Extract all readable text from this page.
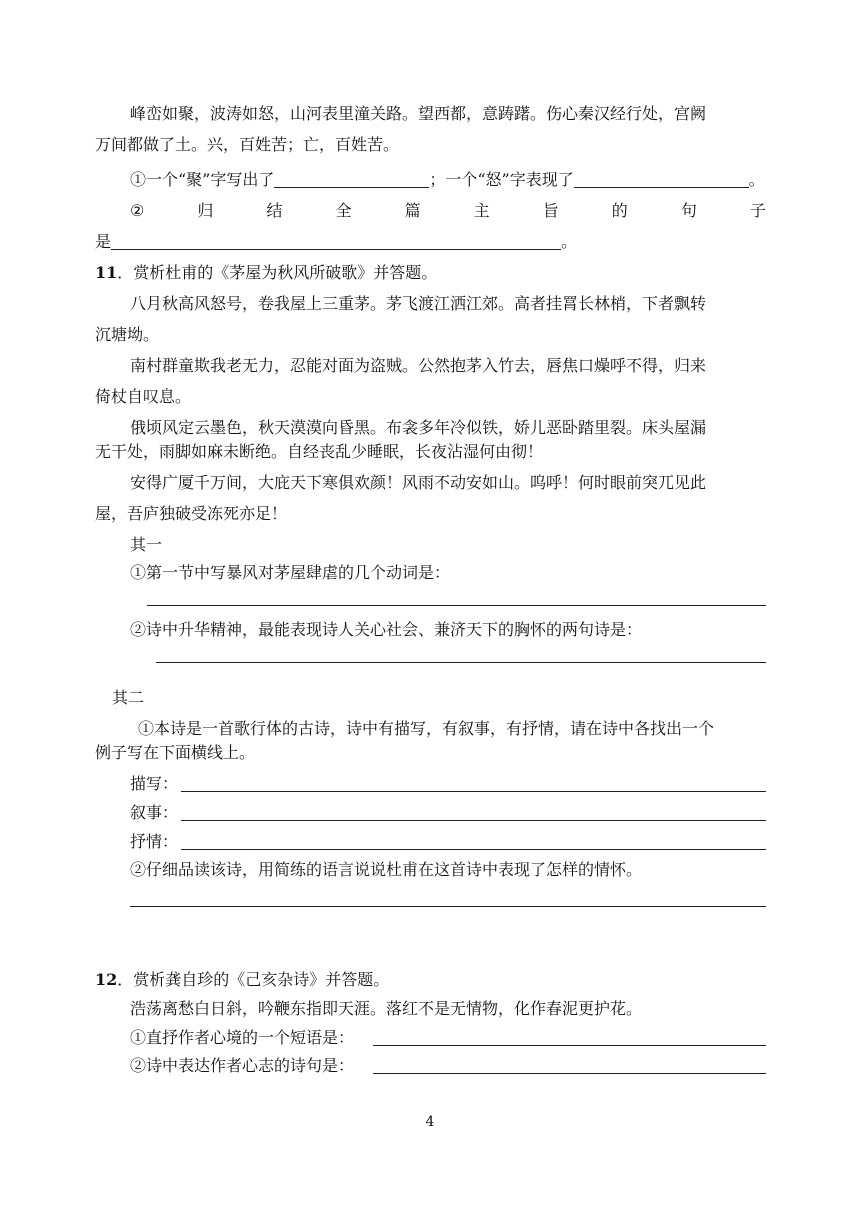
峰峦如聚，波涛如怒，山河表里潼关路。望西都，意踌躇。伤心秦汉经行处，宫阙
万间都做了土。兴，百姓苦；亡，百姓苦。
①一个“聚”字写出了	；一个“怒”字表现了	。
②	归	结	全	篇	主	旨	的	句	子
是	。
11．赏析杜甫的《茅屋为秋风所破歌》并答题。
八月秋高风怒号，卷我屋上三重茅。茅飞渡江洒江郊。高者挂罥长林梢，下者飘转
沉塘坳。
南村群童欺我老无力，忍能对面为盗贼。公然抱茅入竹去，唇焦口燥呼不得，归来
倚杖自叹息。
俄顷风定云墨色，秋天漠漠向昏黑。布衾多年冷似铁，娇儿恶卧踏里裂。床头屋漏
无干处，雨脚如麻未断绝。自经丧乱少睡眠，长夜沾湿何由彻！
安得广厦千万间，大庇天下寒俱欢颜！风雨不动安如山。呜呼！何时眼前突兀见此
屋，吾庐独破受冻死亦足！
其一
①第一节中写暴风对茅屋肆虐的几个动词是：
②诗中升华精神，最能表现诗人关心社会、兼济天下的胸怀的两句诗是：
其二
①本诗是一首歌行体的古诗，诗中有描写，有叙事，有抒情，请在诗中各找出一个
例子写在下面横线上。
描写：
叙事：
抒情：
②仔细品读该诗，用简练的语言说说杜甫在这首诗中表现了怎样的情怀。
12．赏析龚自珍的《己亥杂诗》并答题。
浩荡离愁白日斜，吟鞭东指即天涯。落红不是无情物，化作春泥更护花。
①直抒作者心境的一个短语是：
②诗中表达作者心志的诗句是：
4
